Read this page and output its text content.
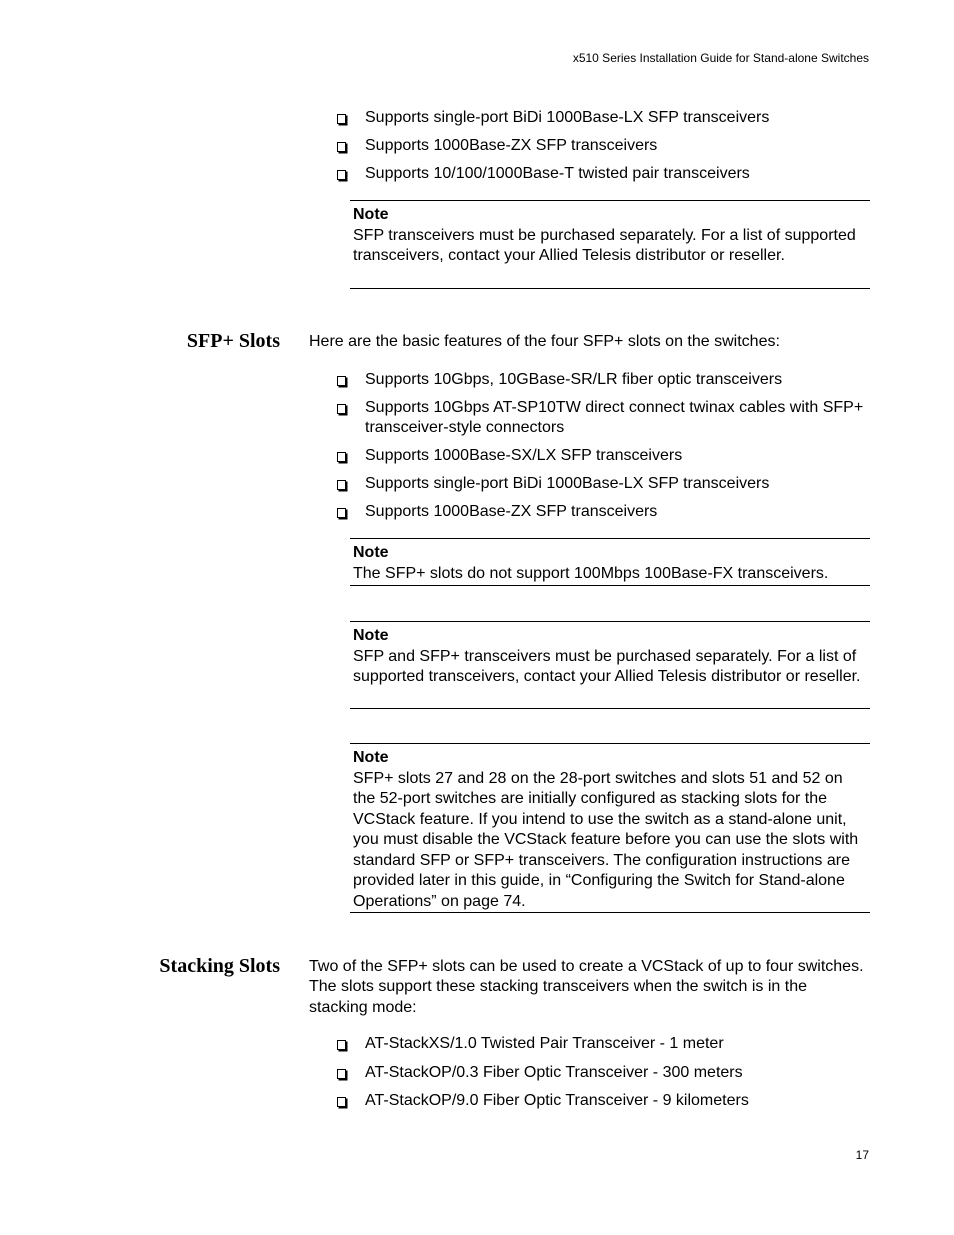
x510 Series Installation Guide for Stand-alone Switches
Supports single-port BiDi 1000Base-LX SFP transceivers
Supports 1000Base-ZX SFP transceivers
Supports 10/100/1000Base-T twisted pair transceivers
Note
SFP transceivers must be purchased separately. For a list of supported transceivers, contact your Allied Telesis distributor or reseller.
SFP+ Slots Here are the basic features of the four SFP+ slots on the switches:
Supports 10Gbps, 10GBase-SR/LR fiber optic transceivers
Supports 10Gbps AT-SP10TW direct connect twinax cables with SFP+ transceiver-style connectors
Supports 1000Base-SX/LX SFP transceivers
Supports single-port BiDi 1000Base-LX SFP transceivers
Supports 1000Base-ZX SFP transceivers
Note
The SFP+ slots do not support 100Mbps 100Base-FX transceivers.
Note
SFP and SFP+ transceivers must be purchased separately. For a list of supported transceivers, contact your Allied Telesis distributor or reseller.
Note
SFP+ slots 27 and 28 on the 28-port switches and slots 51 and 52 on the 52-port switches are initially configured as stacking slots for the VCStack feature. If you intend to use the switch as a stand-alone unit, you must disable the VCStack feature before you can use the slots with standard SFP or SFP+ transceivers. The configuration instructions are provided later in this guide, in “Configuring the Switch for Stand-alone Operations” on page 74.
Stacking Slots Two of the SFP+ slots can be used to create a VCStack of up to four switches. The slots support these stacking transceivers when the switch is in the stacking mode:
AT-StackXS/1.0 Twisted Pair Transceiver - 1 meter
AT-StackOP/0.3 Fiber Optic Transceiver - 300 meters
AT-StackOP/9.0 Fiber Optic Transceiver - 9 kilometers
17
